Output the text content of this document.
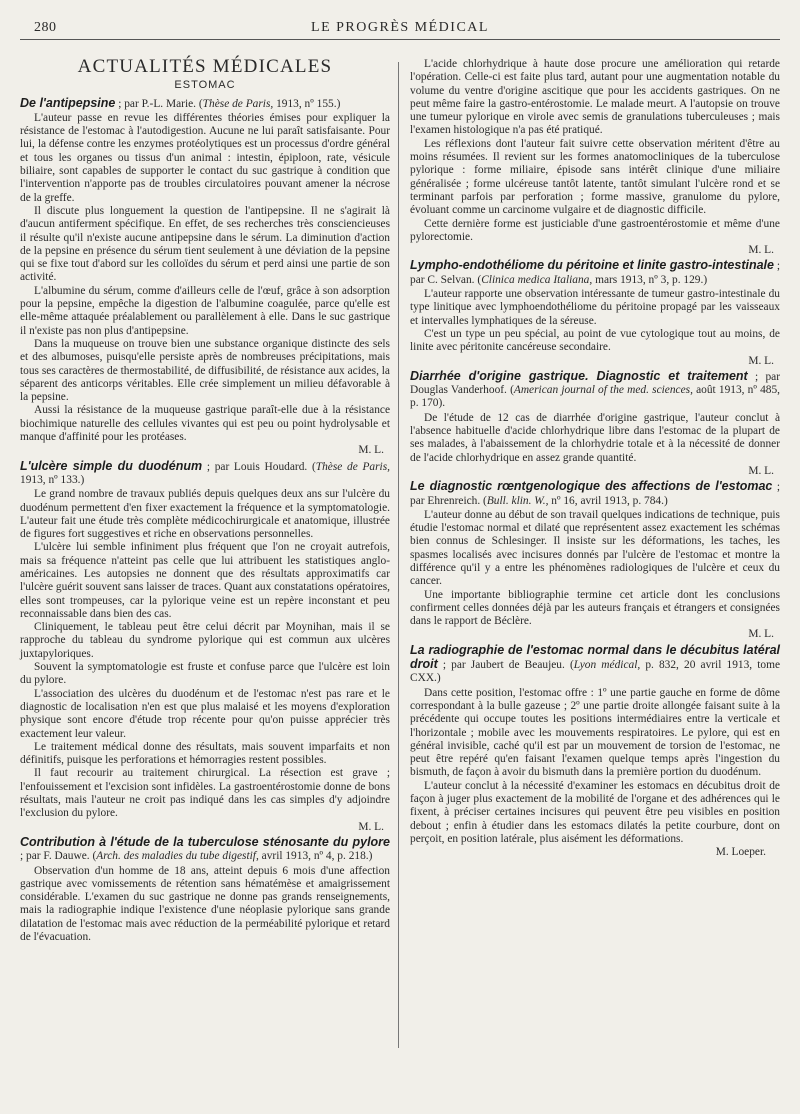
280	LE PROGRÈS MÉDICAL
ACTUALITÉS MÉDICALES
ESTOMAC

De l'antipepsine ; par P.-L. Marie. (Thèse de Paris, 1913, nº 155.)

L'auteur passe en revue les différentes théories émises pour expliquer la résistance de l'estomac à l'autodigestion. Aucune ne lui paraît satisfaisante. Pour lui, la défense contre les enzymes protéolytiques est un processus d'ordre général et tous les organes ou tissus d'un animal : intestin, épiploon, rate, vésicule biliaire, sont capables de supporter le contact du suc gastrique à condition que l'intervention n'apporte pas de troubles circulatoires pouvant amener la nécrose de la greffe.

Il discute plus longuement la question de l'antipepsine. Il ne s'agirait là d'aucun antiferment spécifique. En effet, de ses recherches très consciencieuses il résulte qu'il n'existe aucune antipepsine dans le sérum. La diminution d'action de la pepsine en présence du sérum tient seulement à une déviation de la pepsine qui se fixe tout d'abord sur les colloïdes du sérum et perd ainsi une partie de son activité.

L'albumine du sérum, comme d'ailleurs celle de l'œuf, grâce à son adsorption pour la pepsine, empêche la digestion de l'albumine coagulée, parce qu'elle est elle-même attaquée préalablement ou parallèlement à elle. Dans le suc gastrique il n'existe pas non plus d'antipepsine.

Dans la muqueuse on trouve bien une substance organique distincte des sels et des albumoses, puisqu'elle persiste après de nombreuses précipitations, mais tous ses caractères de thermostabilité, de diffusibilité, de résistance aux acides, la séparent des anticorps véritables. Elle crée simplement un milieu défavorable à la pepsine.

Aussi la résistance de la muqueuse gastrique paraît-elle due à la résistance biochimique naturelle des cellules vivantes qui est peu ou point hydrolysable et manque d'affinité pour les protéases.

M. L.

L'ulcère simple du duodénum ; par Louis Houdard. (Thèse de Paris, 1913, nº 133.)

Le grand nombre de travaux publiés depuis quelques deux ans sur l'ulcère du duodénum permettent d'en fixer exactement la fréquence et la symptomatologie. L'auteur fait une étude très complète médicochirurgicale et anatomique, illustrée de figures fort suggestives et riche en observations personnelles.

L'ulcère lui semble infiniment plus fréquent que l'on ne croyait autrefois, mais sa fréquence n'atteint pas celle que lui attribuent les statistiques anglo-américaines. Les autopsies ne donnent que des résultats approximatifs car l'ulcère guérit souvent sans laisser de traces. Quant aux constatations opératoires, elles sont trompeuses, car la pylorique veine est un repère inconstant et peu reconnaissable dans bien des cas.

Cliniquement, le tableau peut être celui décrit par Moynihan, mais il se rapproche du tableau du syndrome pylorique qui est commun aux ulcères juxtapyloriques.

Souvent la symptomatologie est fruste et confuse parce que l'ulcère est loin du pylore.

L'association des ulcères du duodénum et de l'estomac n'est pas rare et le diagnostic de localisation n'en est que plus malaisé et les moyens d'exploration physique sont encore d'étude trop récente pour qu'on puisse apprécier très exactement leur valeur.

Le traitement médical donne des résultats, mais souvent imparfaits et non définitifs, puisque les perforations et hémorragies restent possibles.

Il faut recourir au traitement chirurgical. La résection est grave ; l'enfouissement et l'excision sont infidèles. La gastroentérostomie donne de bons résultats, mais l'auteur ne croit pas indiqué dans les cas simples d'y adjoindre l'exclusion du pylore.

M. L.

Contribution à l'étude de la tuberculose sténosante du pylore ; par F. Dauwe. (Arch. des maladies du tube digestif, avril 1913, nº 4, p. 218.)

Observation d'un homme de 18 ans, atteint depuis 6 mois d'une affection gastrique avec vomissements de rétention sans hématémèse et amaigrissement considérable. L'examen du suc gastrique ne donne pas grands renseignements, mais la radiographie indique l'existence d'une néoplasie pylorique sans grande dilatation de l'estomac mais avec réduction de la perméabilité pylorique et retard de l'évacuation.

L'acide chlorhydrique à haute dose procure une amélioration qui retarde l'opération. Celle-ci est faite plus tard, autant pour une augmentation notable du volume du ventre d'origine ascitique que pour les accidents gastriques. On ne peut même faire la gastro-entérostomie. Le malade meurt. A l'autopsie on trouve une tumeur pylorique en virole avec semis de granulations tuberculeuses ; mais l'examen histologique n'a pas été pratiqué.

Les réflexions dont l'auteur fait suivre cette observation méritent d'être au moins résumées. Il revient sur les formes anatomocliniques de la tuberculose pylorique : forme miliaire, épisode sans intérêt clinique d'une miliaire généralisée ; forme ulcéreuse tantôt latente, tantôt simulant l'ulcère rond et se terminant parfois par perforation ; forme massive, granulome du pylore, évoluant comme un carcinome vulgaire et de diagnostic difficile.

Cette dernière forme est justiciable d'une gastroentérostomie et même d'une pylorectomie.

M. L.

Lympho-endothéliome du péritoine et linite gastro-intestinale ; par C. Selvan. (Clinica medica Italiana, mars 1913, nº 3, p. 129.)

L'auteur rapporte une observation intéressante de tumeur gastro-intestinale du type linitique avec lymphoendothéliome du péritoine propagé par les vaisseaux et intervalles lymphatiques de la séreuse.

C'est un type un peu spécial, au point de vue cytologique tout au moins, de linite avec péritonite cancéreuse secondaire.

M. L.

Diarrhée d'origine gastrique. Diagnostic et traitement ; par Douglas Vanderhoof. (American journal of the med. sciences, août 1913, nº 485, p. 170).

De l'étude de 12 cas de diarrhée d'origine gastrique, l'auteur conclut à l'absence habituelle d'acide chlorhydrique libre dans l'estomac de la plupart de ses malades, à l'abaissement de la chlorhydrie totale et à la nécessité de donner de l'acide chlorhydrique en assez grande quantité.

M. L.

Le diagnostic rœntgenologique des affections de l'estomac ; par Ehrenreich. (Bull. klin. W., nº 16, avril 1913, p. 784.)

L'auteur donne au début de son travail quelques indications de technique, puis étudie l'estomac normal et dilaté que représentent assez exactement les schémas bien connus de Schlesinger. Il insiste sur les déformations, les taches, les spasmes localisés avec incisures donnés par l'ulcère de l'estomac et montre la différence qu'il y a entre les phénomènes radiologiques de l'ulcère et ceux du cancer.

Une importante bibliographie termine cet article dont les conclusions confirment celles données déjà par les auteurs français et étrangers et consignées dans le rapport de Béclère.

M. L.

La radiographie de l'estomac normal dans le décubitus latéral droit ; par Jaubert de Beaujeu. (Lyon médical, p. 832, 20 avril 1913, tome CXX.)

Dans cette position, l'estomac offre : 1º une partie gauche en forme de dôme correspondant à la bulle gazeuse ; 2º une partie droite allongée faisant suite à la précédente qui occupe toutes les positions intermédiaires entre la verticale et l'horizontale ; mobile avec les mouvements respiratoires. Le pylore, qui est en général invisible, caché qu'il est par un mouvement de torsion de l'estomac, ne peut être repéré qu'en faisant l'examen quelque temps après l'ingestion du bismuth, de façon à avoir du bismuth dans la première portion du duodénum.

L'auteur conclut à la nécessité d'examiner les estomacs en décubitus droit de façon à juger plus exactement de la mobilité de l'organe et des adhérences qui le fixent, à préciser certaines incisures qui peuvent être peu visibles en position debout ; enfin à étudier dans les estomacs dilatés la petite courbure, dont on perçoit, en position latérale, plus aisément les déformations.

M. Loeper.
